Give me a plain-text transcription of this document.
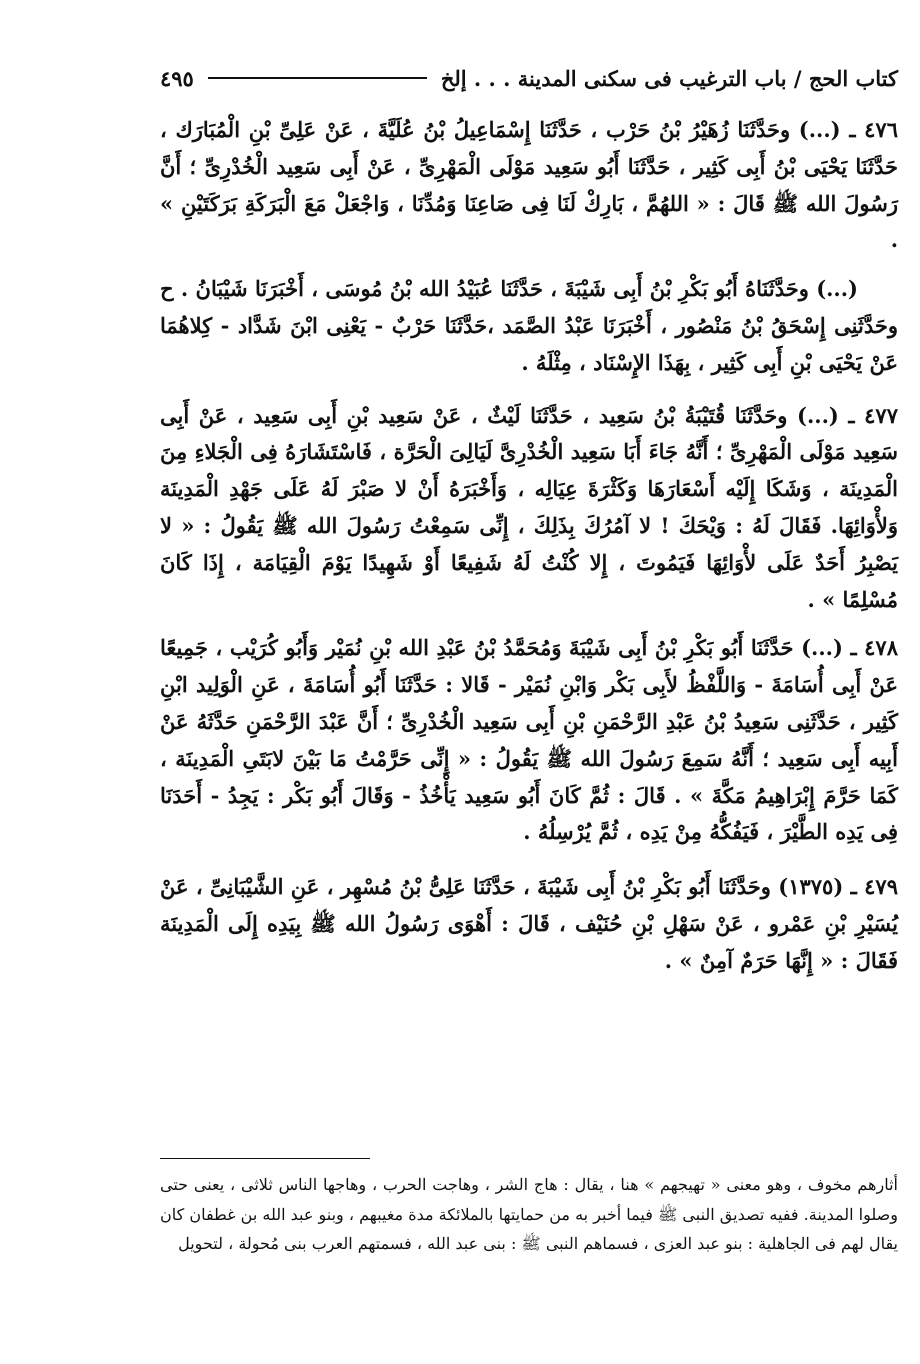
كتاب الحج / باب الترغيب فى سكنى المدينة . . . إلخ
٤٩٥

٤٧٦ ـ (...) وحَدَّثَنَا زُهَيْرُ بْنُ حَرْب ، حَدَّثَنَا إِسْمَاعِيلُ بْنُ عُلَيَّةَ ، عَنْ عَلِىِّ بْنِ الْمُبَارَك ، حَدَّثَنَا يَحْيَى بْنُ أَبِى كَثِير ، حَدَّثَنَا أَبُو سَعِيد مَوْلَى الْمَهْرِىِّ ، عَنْ أَبِى سَعِيد الْخُدْرِىِّ ؛ أَنَّ رَسُولَ الله ﷺ قَالَ : « اللهُمَّ ، بَارِكْ لَنَا فِى صَاعِنَا وَمُدِّنَا ، وَاجْعَلْ مَعَ الْبَرَكَةِ بَرَكَتَيْنِ » .

(...) وحَدَّثَنَاهُ أَبُو بَكْرِ بْنُ أَبِى شَيْبَةَ ، حَدَّثَنَا عُبَيْدُ الله بْنُ مُوسَى ، أَخْبَرَنَا شَيْبَانُ . ح وحَدَّثَنِى إِسْحَقُ بْنُ مَنْصُور ، أَخْبَرَنَا عَبْدُ الصَّمَد ،حَدَّثَنَا حَرْبٌ - يَعْنِى ابْنَ شَدَّاد - كِلاهُمَا عَنْ يَحْيَى بْنِ أَبِى كَثِير ، بِهَذَا الإِسْنَاد ، مِثْلَهُ .

٤٧٧ ـ (...) وحَدَّثَنَا قُتَيْبَةُ بْنُ سَعِيد ، حَدَّثَنَا لَيْثٌ ، عَنْ سَعِيد بْنِ أَبِى سَعِيد ، عَنْ أَبِى سَعِيد مَوْلَى الْمَهْرِىِّ ؛ أَنَّهُ جَاءَ أَبَا سَعِيد الْخُدْرِىَّ لَيَالِىَ الْحَرَّة ، فَاسْتَشَارَهُ فِى الْجَلاءِ مِنَ الْمَدِينَة ، وَشَكَا إِلَيْه أَسْعَارَهَا وَكَثْرَةَ عِيَالِه ، وَأَخْبَرَهُ أَنْ لا صَبْرَ لَهُ عَلَى جَهْدِ الْمَدِينَة وَلأْوَائِهَا. فَقَالَ لَهُ : وَيْحَكَ ! لا آمُرُكَ بِذَلِكَ ، إِنِّى سَمِعْتُ رَسُولَ الله ﷺ يَقُولُ : « لا يَصْبِرُ أَحَدٌ عَلَى لأْوَائِهَا فَيَمُوتَ ، إِلا كُنْتُ لَهُ شَفِيعًا أَوْ شَهِيدًا يَوْمَ الْقِيَامَة ، إِذَا كَانَ مُسْلِمًا » .

٤٧٨ ـ (...) حَدَّثَنَا أَبُو بَكْرِ بْنُ أَبِى شَيْبَةَ وَمُحَمَّدُ بْنُ عَبْدِ الله بْنِ نُمَيْر وَأَبُو كُرَيْب ، جَمِيعًا عَنْ أَبِى أُسَامَةَ - وَاللَّفْظُ لأَبِى بَكْر وَابْنِ نُمَيْر - قَالا : حَدَّثَنَا أَبُو أُسَامَةَ ، عَنِ الْوَلِيد ابْنِ كَثِير ، حَدَّثَنِى سَعِيدُ بْنُ عَبْدِ الرَّحْمَنِ بْنِ أَبِى سَعِيد الْخُدْرِىِّ ؛ أَنَّ عَبْدَ الرَّحْمَنِ حَدَّثَهُ عَنْ أَبِيه أَبِى سَعِيد ؛ أَنَّهُ سَمِعَ رَسُولَ الله ﷺ يَقُولُ : « إِنِّى حَرَّمْتُ مَا بَيْنَ لابَتَىِ الْمَدِينَة ، كَمَا حَرَّمَ إِبْرَاهِيمُ مَكَّةَ » . قَالَ : ثُمَّ كَانَ أَبُو سَعِيد يَأْخُذُ - وَقَالَ أَبُو بَكْر : يَجِدُ - أَحَدَنَا فِى يَدِه الطَّيْرَ ، فَيَفُكُّهُ مِنْ يَدِه ، ثُمَّ يُرْسِلُهُ .

٤٧٩ ـ (١٣٧٥) وحَدَّثَنَا أَبُو بَكْرِ بْنُ أَبِى شَيْبَةَ ، حَدَّثَنَا عَلِىُّ بْنُ مُسْهِر ، عَنِ الشَّيْبَانِىِّ ، عَنْ يُسَيْرِ بْنِ عَمْرو ، عَنْ سَهْلِ بْنِ حُنَيْف ، قَالَ : أَهْوَى رَسُولُ الله ﷺ بِيَدِه إِلَى الْمَدِينَة فَقَالَ : « إِنَّهَا حَرَمٌ آمِنٌ » .

أثارهم مخوف ، وهو معنى « تهيجهم » هنا ، يقال : هاج الشر ، وهاجت الحرب ، وهاجها الناس ثلاثى ، يعنى حتى وصلوا المدينة. ففيه تصديق النبى ﷺ فيما أخبر به من حمايتها بالملائكة مدة مغيبهم ، وبنو عبد الله بن غطفان كان يقال لهم فى الجاهلية : بنو عبد العزى ، فسماهم النبى ﷺ : بنى عبد الله ، فسمتهم العرب بنى مُحولة ، لتحويل
